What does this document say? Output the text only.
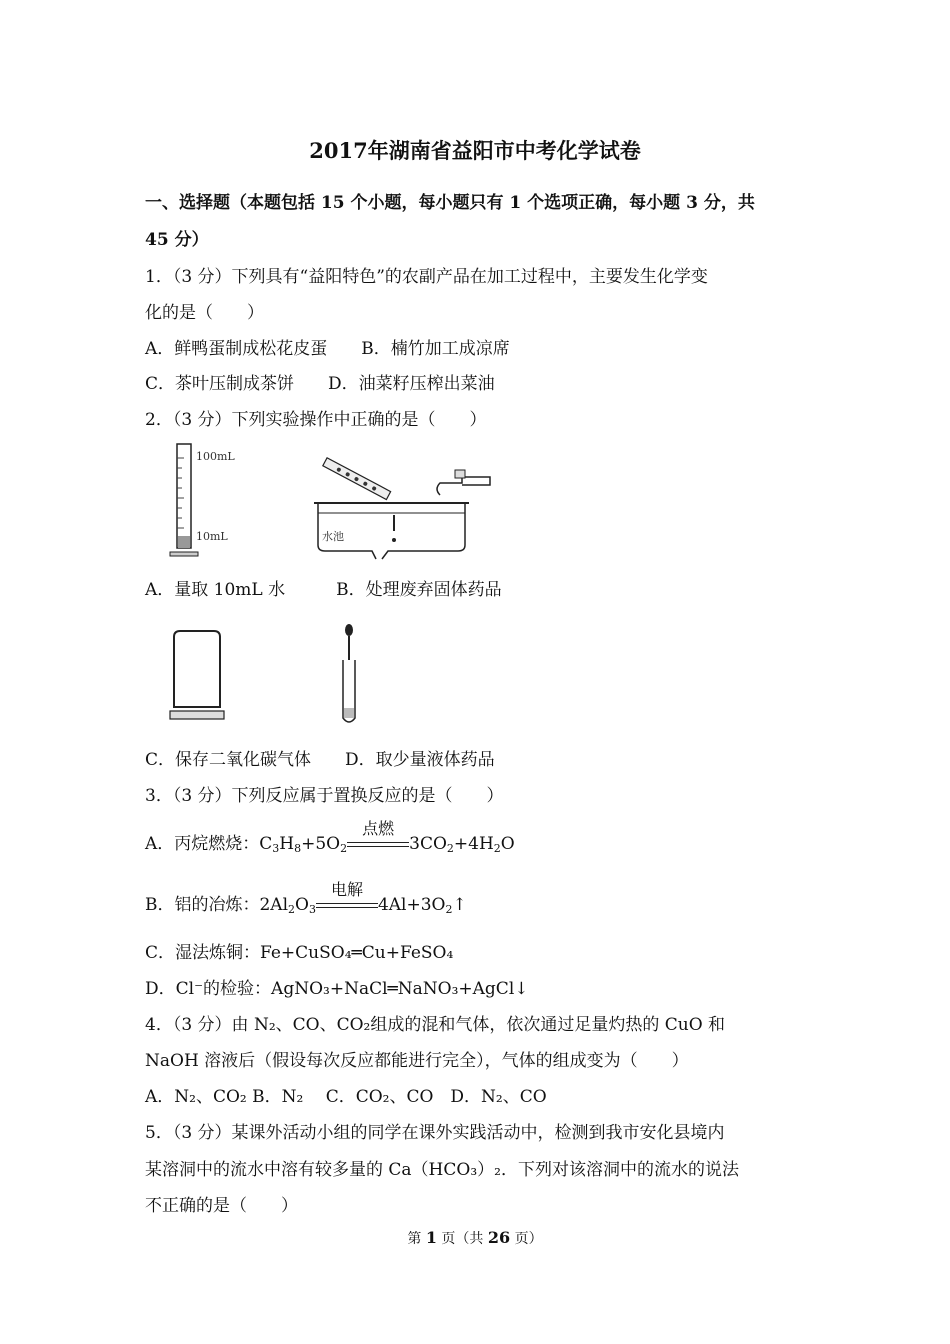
2017年湖南省益阳市中考化学试卷
一、选择题（本题包括 15 个小题，每小题只有 1 个选项正确，每小题 3 分，共
45 分）
1．（3 分）下列具有“益阳特色”的农副产品在加工过程中，主要发生化学变
化的是（　　）
A．鲜鸭蛋制成松花皮蛋　　B．楠竹加工成凉席
C．茶叶压制成茶饼　　D．油菜籽压榨出菜油
2．（3 分）下列实验操作中正确的是（　　）
100mL
10mL	水池
A．量取 10mL 水　　　B．处理废弃固体药品
C．保存二氧化碳气体　　D．取少量液体药品
3．（3 分）下列反应属于置换反应的是（　　）
A．丙烷燃烧：$C_3H_8+5O_2$
点燃
$3CO_2+4H_2O$
B．铝的冶炼：$2Al_2O_3$
电解
$4Al+3O_2↑$
C．湿法炼铜：Fe+CuSO₄═Cu+FeSO₄
D．Cl⁻的检验：AgNO₃+NaCl═NaNO₃+AgCl↓
4．（3 分）由 N₂、CO、CO₂组成的混和气体，依次通过足量灼热的 CuO 和
NaOH 溶液后（假设每次反应都能进行完全），气体的组成变为（　　）
A．N₂、CO₂ B．N₂　 C．CO₂、CO　D．N₂、CO
5．（3 分）某课外活动小组的同学在课外实践活动中，检测到我市安化县境内
某溶洞中的流水中溶有较多量的 Ca（HCO₃）₂．下列对该溶洞中的流水的说法
不正确的是（　　）
第 1 页（共 26 页）
